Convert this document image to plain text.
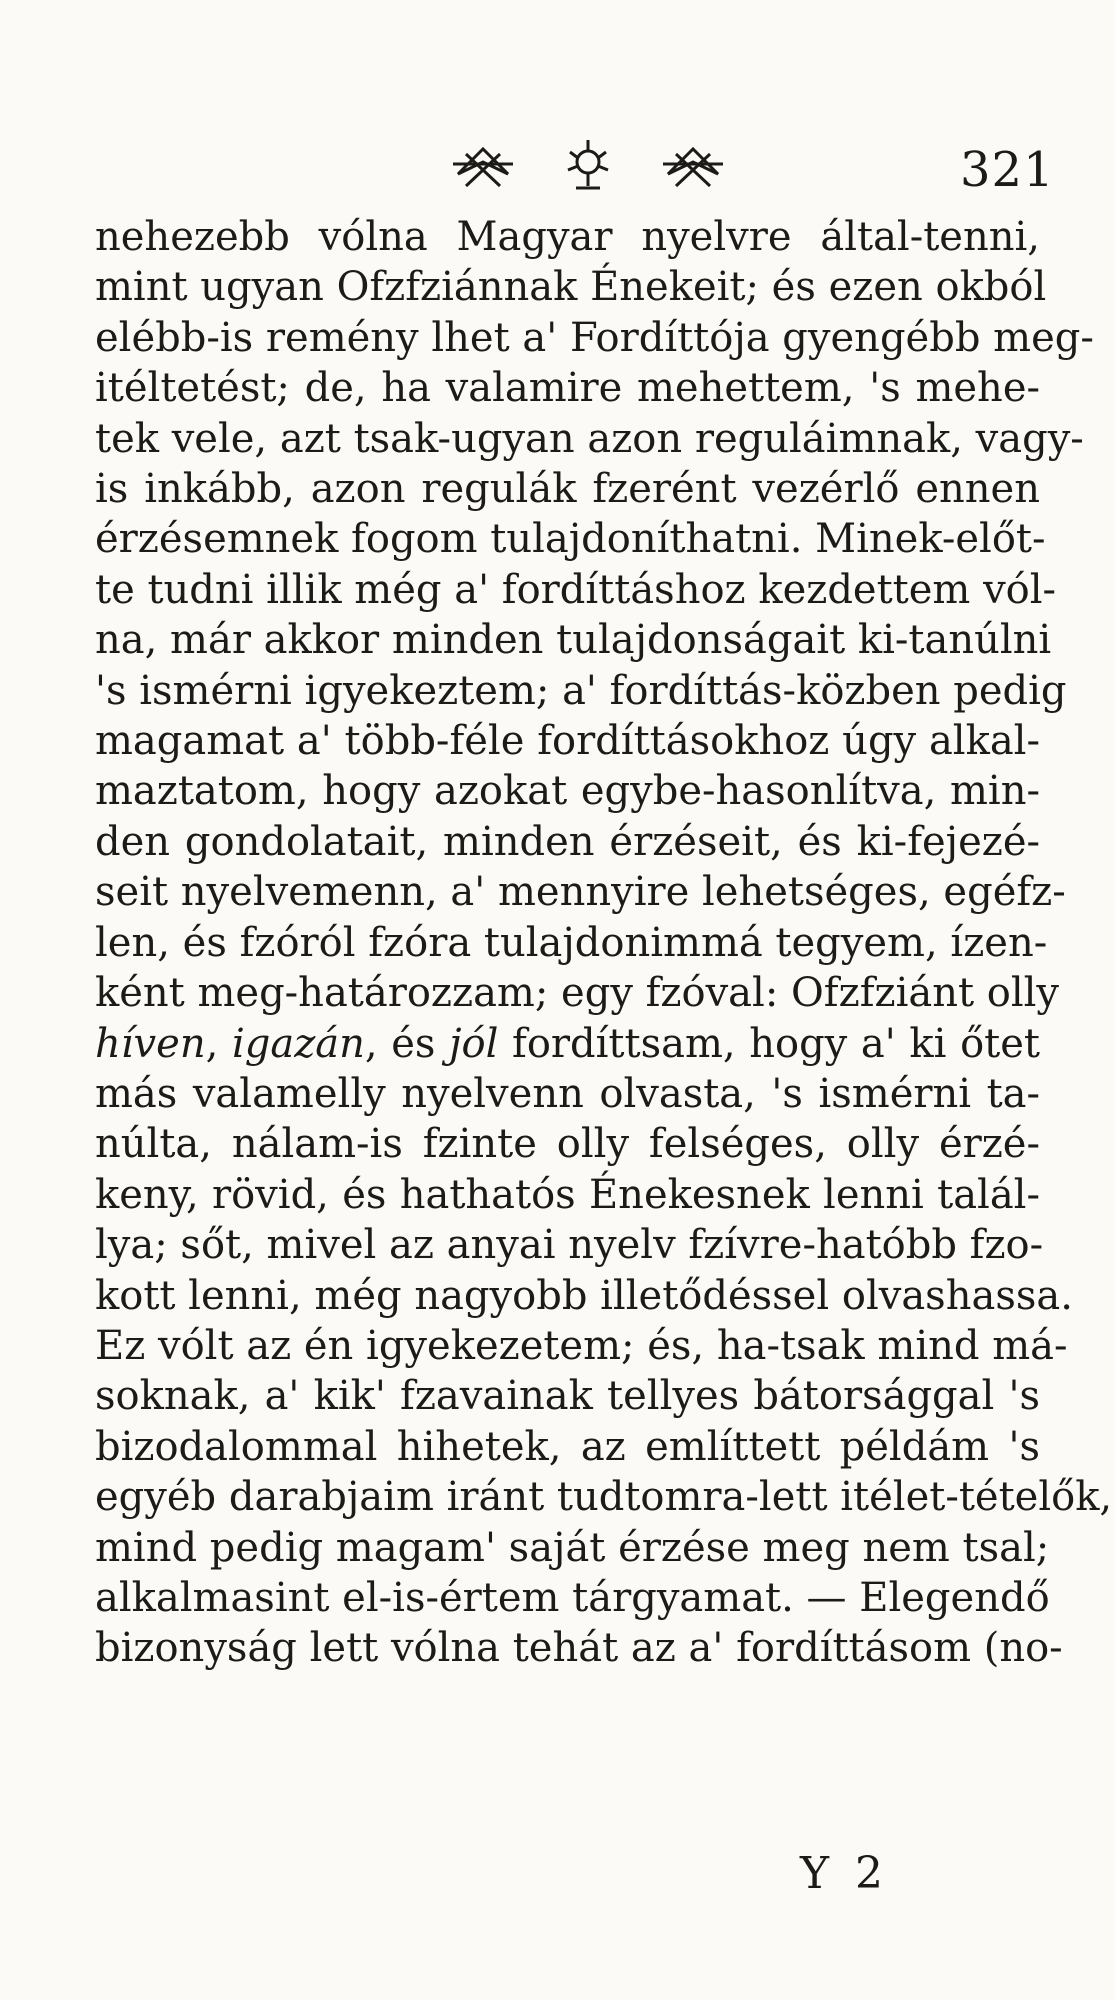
321
nehezebb vólna Magyar nyelvre által-tenni,
mint ugyan Ofzfziánnak Énekeit; és ezen okból
elébb-is remény lhet a' Fordíttója gyengébb meg-
itéltetést; de, ha valamire mehettem, 's mehe-
tek vele, azt tsak-ugyan azon reguláimnak, vagy-
is inkább, azon regulák fzerént vezérlő ennen
érzésemnek fogom tulajdoníthatni. Minek-előt-
te tudni illik még a' fordíttáshoz kezdettem vól-
na, már akkor minden tulajdonságait ki-tanúlni
's ismérni igyekeztem; a' fordíttás-közben pedig
magamat a' több-féle fordíttásokhoz úgy alkal-
maztatom, hogy azokat egybe-hasonlítva, min-
den gondolatait, minden érzéseit, és ki-fejezé-
seit nyelvemenn, a' mennyire lehetséges, egéfz-
len, és fzóról fzóra tulajdonimmá tegyem, ízen-
ként meg-határozzam; egy fzóval: Ofzfziánt olly
híven, igazán, és jól fordíttsam, hogy a' ki őtet
más valamelly nyelvenn olvasta, 's ismérni ta-
núlta, nálam-is fzinte olly felséges, olly érzé-
keny, rövid, és hathatós Énekesnek lenni talál-
lya; sőt, mivel az anyai nyelv fzívre-hatóbb fzo-
kott lenni, még nagyobb illetődéssel olvashassa.
Ez vólt az én igyekezetem; és, ha-tsak mind má-
soknak, a' kik' fzavainak tellyes bátorsággal 's
bizodalommal hihetek, az említtett példám 's
egyéb darabjaim iránt tudtomra-lett itélet-tételők,
mind pedig magam' saját érzése meg nem tsal;
alkalmasint el-is-értem tárgyamat. — Elegendő
bizonyság lett vólna tehát az a' fordíttásom (no-
Y 2
